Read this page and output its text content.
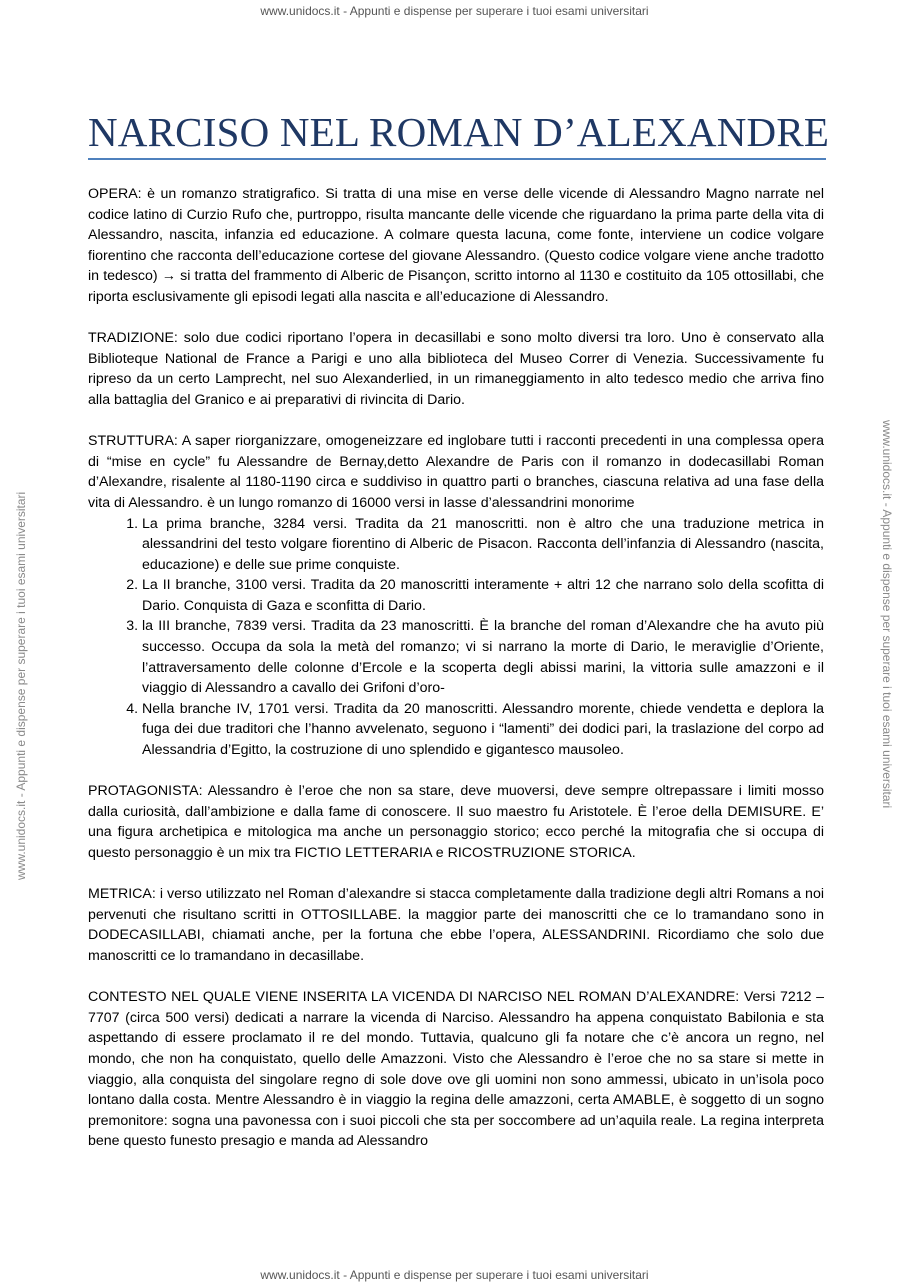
www.unidocs.it - Appunti e dispense per superare i tuoi esami universitari
www.unidocs.it - Appunti e dispense per superare i tuoi esami universitari	www.unidocs.it - Appunti e dispense per superare i tuoi esami universitari
NARCISO NEL ROMAN D’ALEXANDRE

OPERA: è un romanzo stratigrafico. Si tratta di una mise en verse delle vicende di Alessandro Magno narrate nel codice latino di Curzio Rufo che, purtroppo, risulta mancante delle vicende che riguardano la prima parte della vita di Alessandro, nascita, infanzia ed educazione. A colmare questa lacuna, come fonte, interviene un codice volgare fiorentino che racconta dell’educazione cortese del giovane Alessandro. (Questo codice volgare viene anche tradotto in tedesco) → si tratta del frammento di Alberic de Pisançon, scritto intorno al 1130 e costituito da 105 ottosillabi, che riporta esclusivamente gli episodi legati alla nascita e all’educazione di Alessandro.

TRADIZIONE: solo due codici riportano l’opera in decasillabi e sono molto diversi tra loro. Uno è conservato alla Biblioteque National de France a Parigi e uno alla biblioteca del Museo Correr di Venezia. Successivamente fu ripreso da un certo Lamprecht, nel suo Alexanderlied, in un rimaneggiamento in alto tedesco medio che arriva fino alla battaglia del Granico e ai preparativi di rivincita di Dario.

STRUTTURA: A saper riorganizzare, omogeneizzare ed inglobare tutti i racconti precedenti in una complessa opera di “mise en cycle” fu Alessandre de Bernay,detto Alexandre de Paris con il romanzo in dodecasillabi Roman d’Alexandre, risalente al 1180-1190 circa e suddiviso in quattro parti o branches, ciascuna relativa ad una fase della vita di Alessandro. è un lungo romanzo di 16000 versi in lasse d’alessandrini monorime

1. La prima branche, 3284 versi. Tradita da 21 manoscritti. non è altro che una traduzione metrica in alessandrini del testo volgare fiorentino di Alberic de Pisacon. Racconta dell’infanzia di Alessandro (nascita, educazione) e delle sue prime conquiste.
2. La II branche, 3100 versi. Tradita da 20 manoscritti interamente + altri 12 che narrano solo della scofitta di Dario. Conquista di Gaza e sconfitta di Dario.
3. la III branche, 7839 versi. Tradita da 23 manoscritti. È la branche del roman d’Alexandre che ha avuto più successo. Occupa da sola la metà del romanzo; vi si narrano la morte di Dario, le meraviglie d’Oriente, l’attraversamento delle colonne d’Ercole e la scoperta degli abissi marini, la vittoria sulle amazzoni e il viaggio di Alessandro a cavallo dei Grifoni d’oro-
4. Nella branche IV, 1701 versi. Tradita da 20 manoscritti. Alessandro morente, chiede vendetta e deplora la fuga dei due traditori che l’hanno avvelenato, seguono i “lamenti” dei dodici pari, la traslazione del corpo ad Alessandria d’Egitto, la costruzione di uno splendido e gigantesco mausoleo.

PROTAGONISTA: Alessandro è l’eroe che non sa stare, deve muoversi, deve sempre oltrepassare i limiti mosso dalla curiosità, dall’ambizione e dalla fame di conoscere. Il suo maestro fu Aristotele. È l’eroe della DEMISURE. E’ una figura archetipica e mitologica ma anche un personaggio storico; ecco perché la mitografia che si occupa di questo personaggio è un mix tra FICTIO LETTERARIA e RICOSTRUZIONE STORICA.

METRICA: i verso utilizzato nel Roman d’alexandre si stacca completamente dalla tradizione degli altri Romans a noi pervenuti che risultano scritti in OTTOSILLABE. la maggior parte dei manoscritti che ce lo tramandano sono in DODECASILLABI, chiamati anche, per la fortuna che ebbe l’opera, ALESSANDRINI. Ricordiamo che solo due manoscritti ce lo tramandano in decasillabe.

CONTESTO NEL QUALE VIENE INSERITA LA VICENDA DI NARCISO NEL ROMAN D’ALEXANDRE: Versi 7212 – 7707 (circa 500 versi) dedicati a narrare la vicenda di Narciso. Alessandro ha appena conquistato Babilonia e sta aspettando di essere proclamato il re del mondo. Tuttavia, qualcuno gli fa notare che c’è ancora un regno, nel mondo, che non ha conquistato, quello delle Amazzoni. Visto che Alessandro è l’eroe che no sa stare si mette in viaggio, alla conquista del singolare regno di sole dove ove gli uomini non sono ammessi, ubicato in un’isola poco lontano dalla costa. Mentre Alessandro è in viaggio la regina delle amazzoni, certa AMABLE, è soggetto di un sogno premonitore: sogna una pavonessa con i suoi piccoli che sta per soccombere ad un’aquila reale. La regina interpreta bene questo funesto presagio e manda ad Alessandro

www.unidocs.it - Appunti e dispense per superare i tuoi esami universitari
